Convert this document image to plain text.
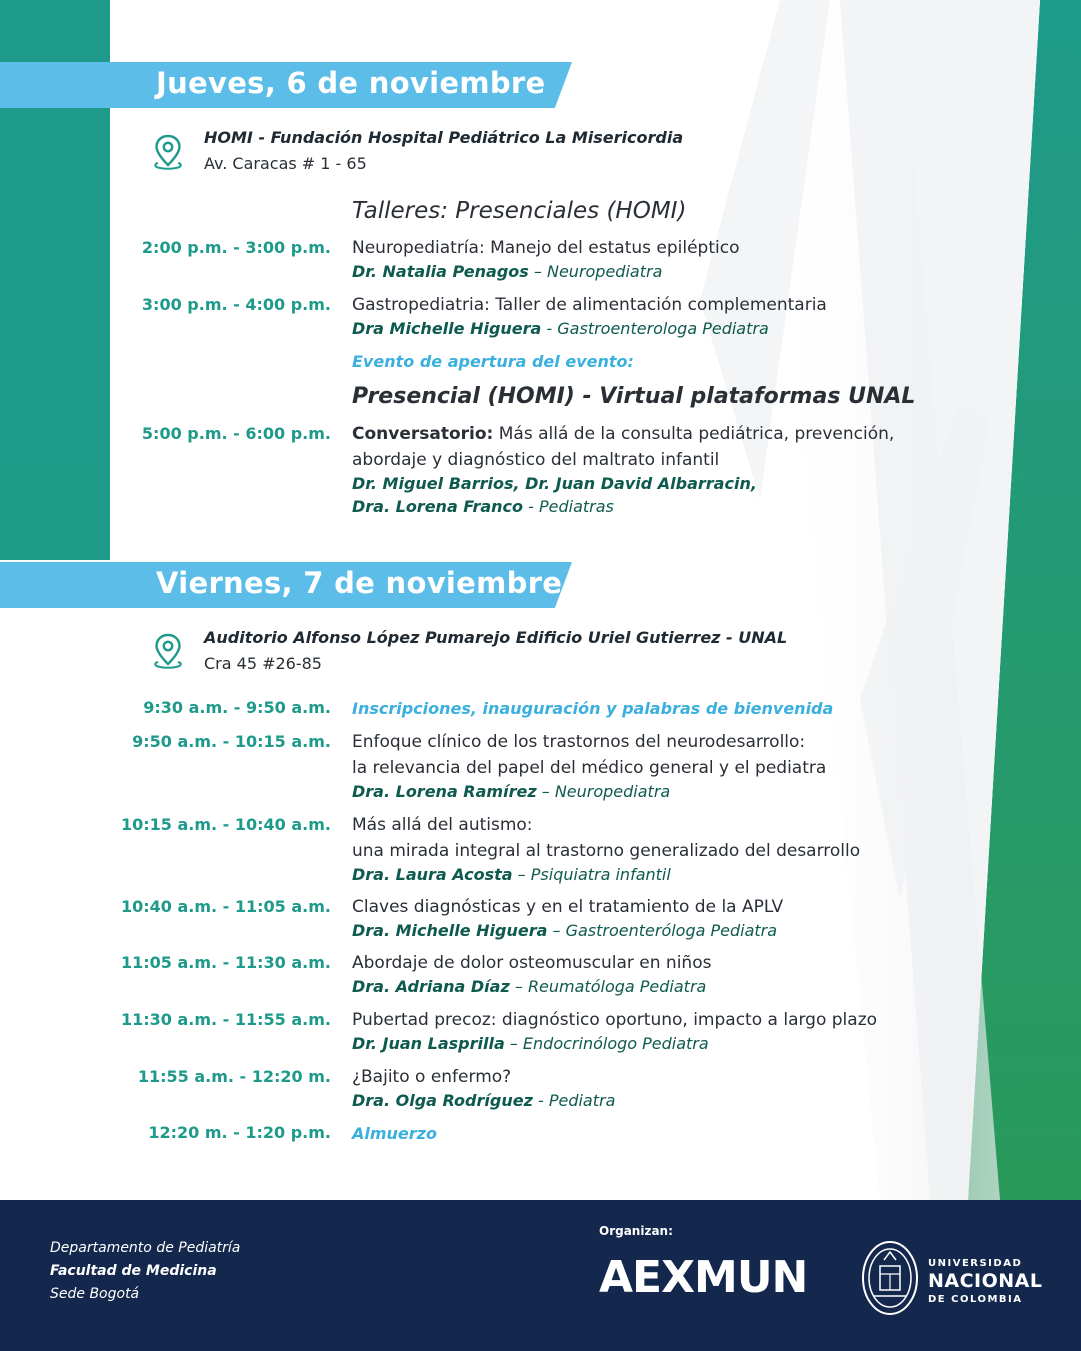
Jueves, 6 de noviembre
HOMI - Fundación Hospital Pediátrico La Misericordia
Av. Caracas # 1 - 65
Talleres: Presenciales (HOMI)
2:00 p.m. - 3:00 p.m. Neuropediatría: Manejo del estatus epiléptico
Dr. Natalia Penagos – Neuropediatra
3:00 p.m. - 4:00 p.m. Gastropediatria: Taller de alimentación complementaria
Dra Michelle Higuera - Gastroenterologa Pediatra
Evento de apertura del evento:
Presencial (HOMI) - Virtual plataformas UNAL
5:00 p.m. - 6:00 p.m. Conversatorio: Más allá de la consulta pediátrica, prevención,
abordaje y diagnóstico del maltrato infantil
Dr. Miguel Barrios, Dr. Juan David Albarracin,
Dra. Lorena Franco - Pediatras
Viernes, 7 de noviembre
Auditorio Alfonso López Pumarejo Edificio Uriel Gutierrez - UNAL
Cra 45 #26-85
9:30 a.m. - 9:50 a.m. Inscripciones, inauguración y palabras de bienvenida
9:50 a.m. - 10:15 a.m. Enfoque clínico de los trastornos del neurodesarrollo:
la relevancia del papel del médico general y el pediatra
Dra. Lorena Ramírez – Neuropediatra
10:15 a.m. - 10:40 a.m. Más allá del autismo:
una mirada integral al trastorno generalizado del desarrollo
Dra. Laura Acosta – Psiquiatra infantil
10:40 a.m. - 11:05 a.m. Claves diagnósticas y en el tratamiento de la APLV
Dra. Michelle Higuera – Gastroenteróloga Pediatra
11:05 a.m. - 11:30 a.m. Abordaje de dolor osteomuscular en niños
Dra. Adriana Díaz – Reumatóloga Pediatra
11:30 a.m. - 11:55 a.m. Pubertad precoz: diagnóstico oportuno, impacto a largo plazo
Dr. Juan Lasprilla – Endocrinólogo Pediatra
11:55 a.m. - 12:20 m. ¿Bajito o enfermo?
Dra. Olga Rodríguez - Pediatra
12:20 m. - 1:20 p.m. Almuerzo
Departamento de Pediatría
Facultad de Medicina
Sede Bogotá
Organizan:
AEXMUN	UNIVERSIDAD
NACIONAL
DE COLOMBIA
